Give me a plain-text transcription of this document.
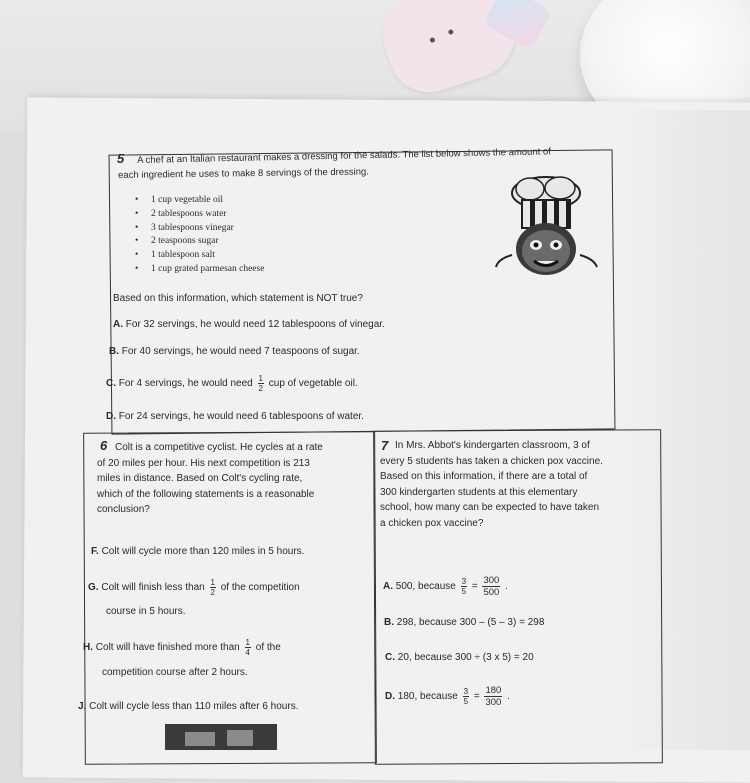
5 A chef at an Italian restaurant makes a dressing for the salads. The list below shows the amount of
each ingredient he uses to make 8 servings of the dressing.
• 1 cup vegetable oil
• 2 tablespoons water
• 3 tablespoons vinegar
• 2 teaspoons sugar
• 1 tablespoon salt
• 1 cup grated parmesan cheese
Based on this information, which statement is NOT true?
A. For 32 servings, he would need 12 tablespoons of vinegar.
B. For 40 servings, he would need 7 teaspoons of sugar.
C. For 4 servings, he would need $\frac{1}{2}$ cup of vegetable oil.
D. For 24 servings, he would need 6 tablespoons of water.
6 Colt is a competitive cyclist. He cycles at a rate
of 20 miles per hour. His next competition is 213
miles in distance. Based on Colt's cycling rate,
which of the following statements is a reasonable
conclusion?
F. Colt will cycle more than 120 miles in 5 hours.
G. Colt will finish less than $\frac{1}{2}$ of the competition
course in 5 hours.
H. Colt will have finished more than $\frac{1}{4}$ of the
competition course after 2 hours.
J. Colt will cycle less than 110 miles after 6 hours.
7 In Mrs. Abbot's kindergarten classroom, 3 of
every 5 students has taken a chicken pox vaccine.
Based on this information, if there are a total of
300 kindergarten students at this elementary
school, how many can be expected to have taken
a chicken pox vaccine?
A. 500, because $\frac{3}{5} = \frac{300}{500}$ .
B. 298, because 300 – (5 – 3) = 298
C. 20, because 300 ÷ (3 x 5) = 20
D. 180, because $\frac{3}{5} = \frac{180}{300}$ .
